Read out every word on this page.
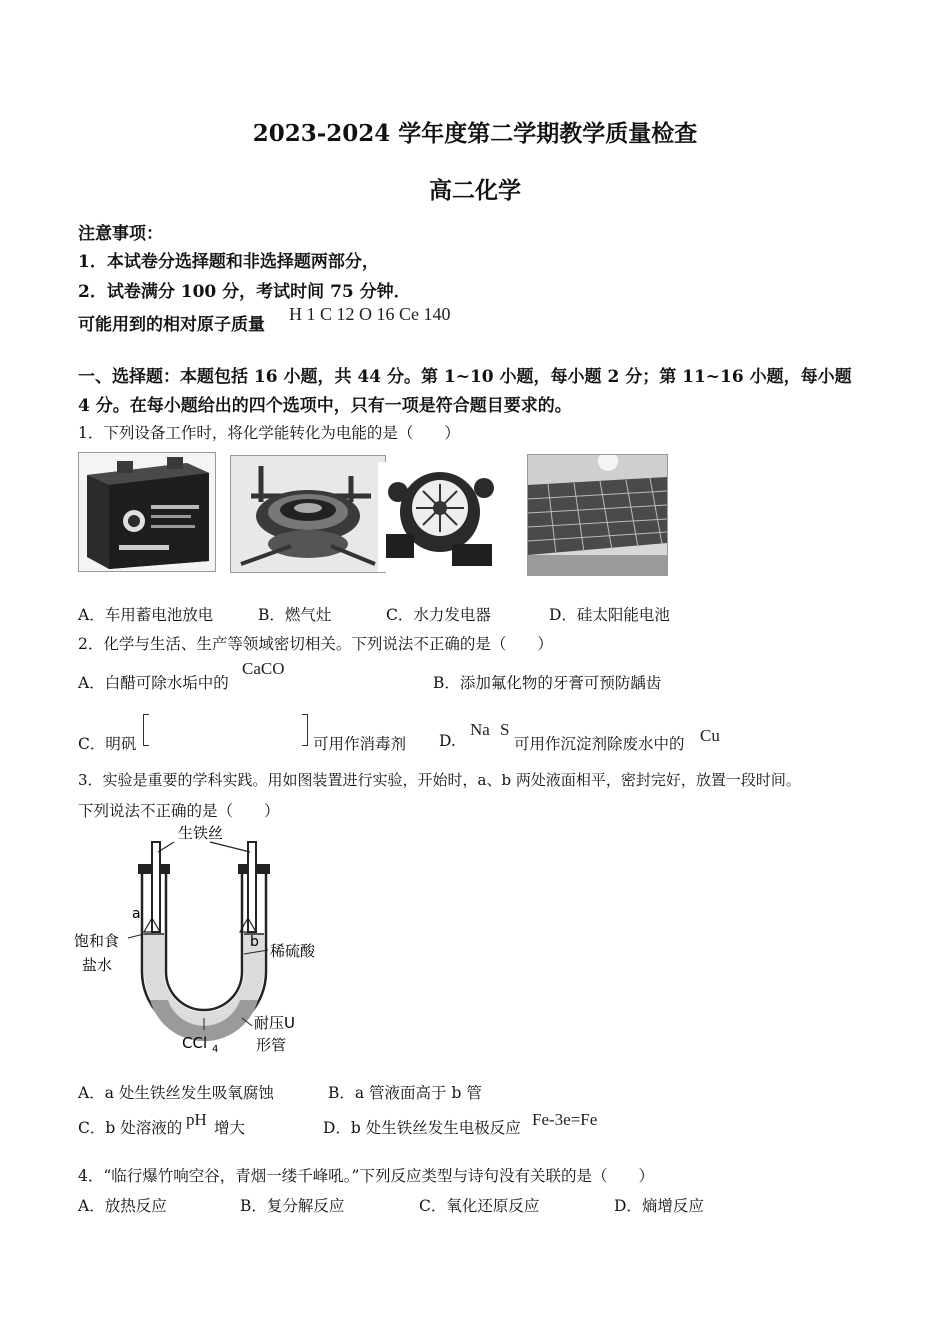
2023-2024 学年度第二学期教学质量检查
高二化学
注意事项：
1．本试卷分选择题和非选择题两部分，
2．试卷满分 100 分，考试时间 75 分钟．
可能用到的相对原子质量
H 1 C 12 O 16 Ce 140
一、选择题：本题包括 16 小题，共 44 分。第 1~10 小题，每小题 2 分；第 11~16 小题，每小题
4 分。在每小题给出的四个选项中，只有一项是符合题目要求的。
1．下列设备工作时，将化学能转化为电能的是（　　）
A．车用蓄电池放电	B．燃气灶	C．水力发电器	D．硅太阳能电池
2．化学与生活、生产等领域密切相关。下列说法不正确的是（　　）
A．白醋可除水垢中的
CaCO
B．添加氟化物的牙膏可预防龋齿
C．明矾	可用作消毒剂 D.
Na S
可用作沉淀剂除废水中的 Cu
3．实验是重要的学科实践。用如图装置进行实验，开始时，a、b 两处液面相平，密封完好，放置一段时间。
下列说法不正确的是（　　）
生铁丝
a
b
饱和食
盐水
稀硫酸
CCl 4
耐压U
形管
A．a 处生铁丝发生吸氧腐蚀	B．a 管液面高于 b 管
C．b 处溶液的 pH 增大	D．b 处生铁丝发生电极反应 Fe-3e=Fe
4．“临行爆竹响空谷，青烟一缕千峰吼。”下列反应类型与诗句没有关联的是（　　）
A．放热反应	B．复分解反应	C．氧化还原反应	D．熵增反应
